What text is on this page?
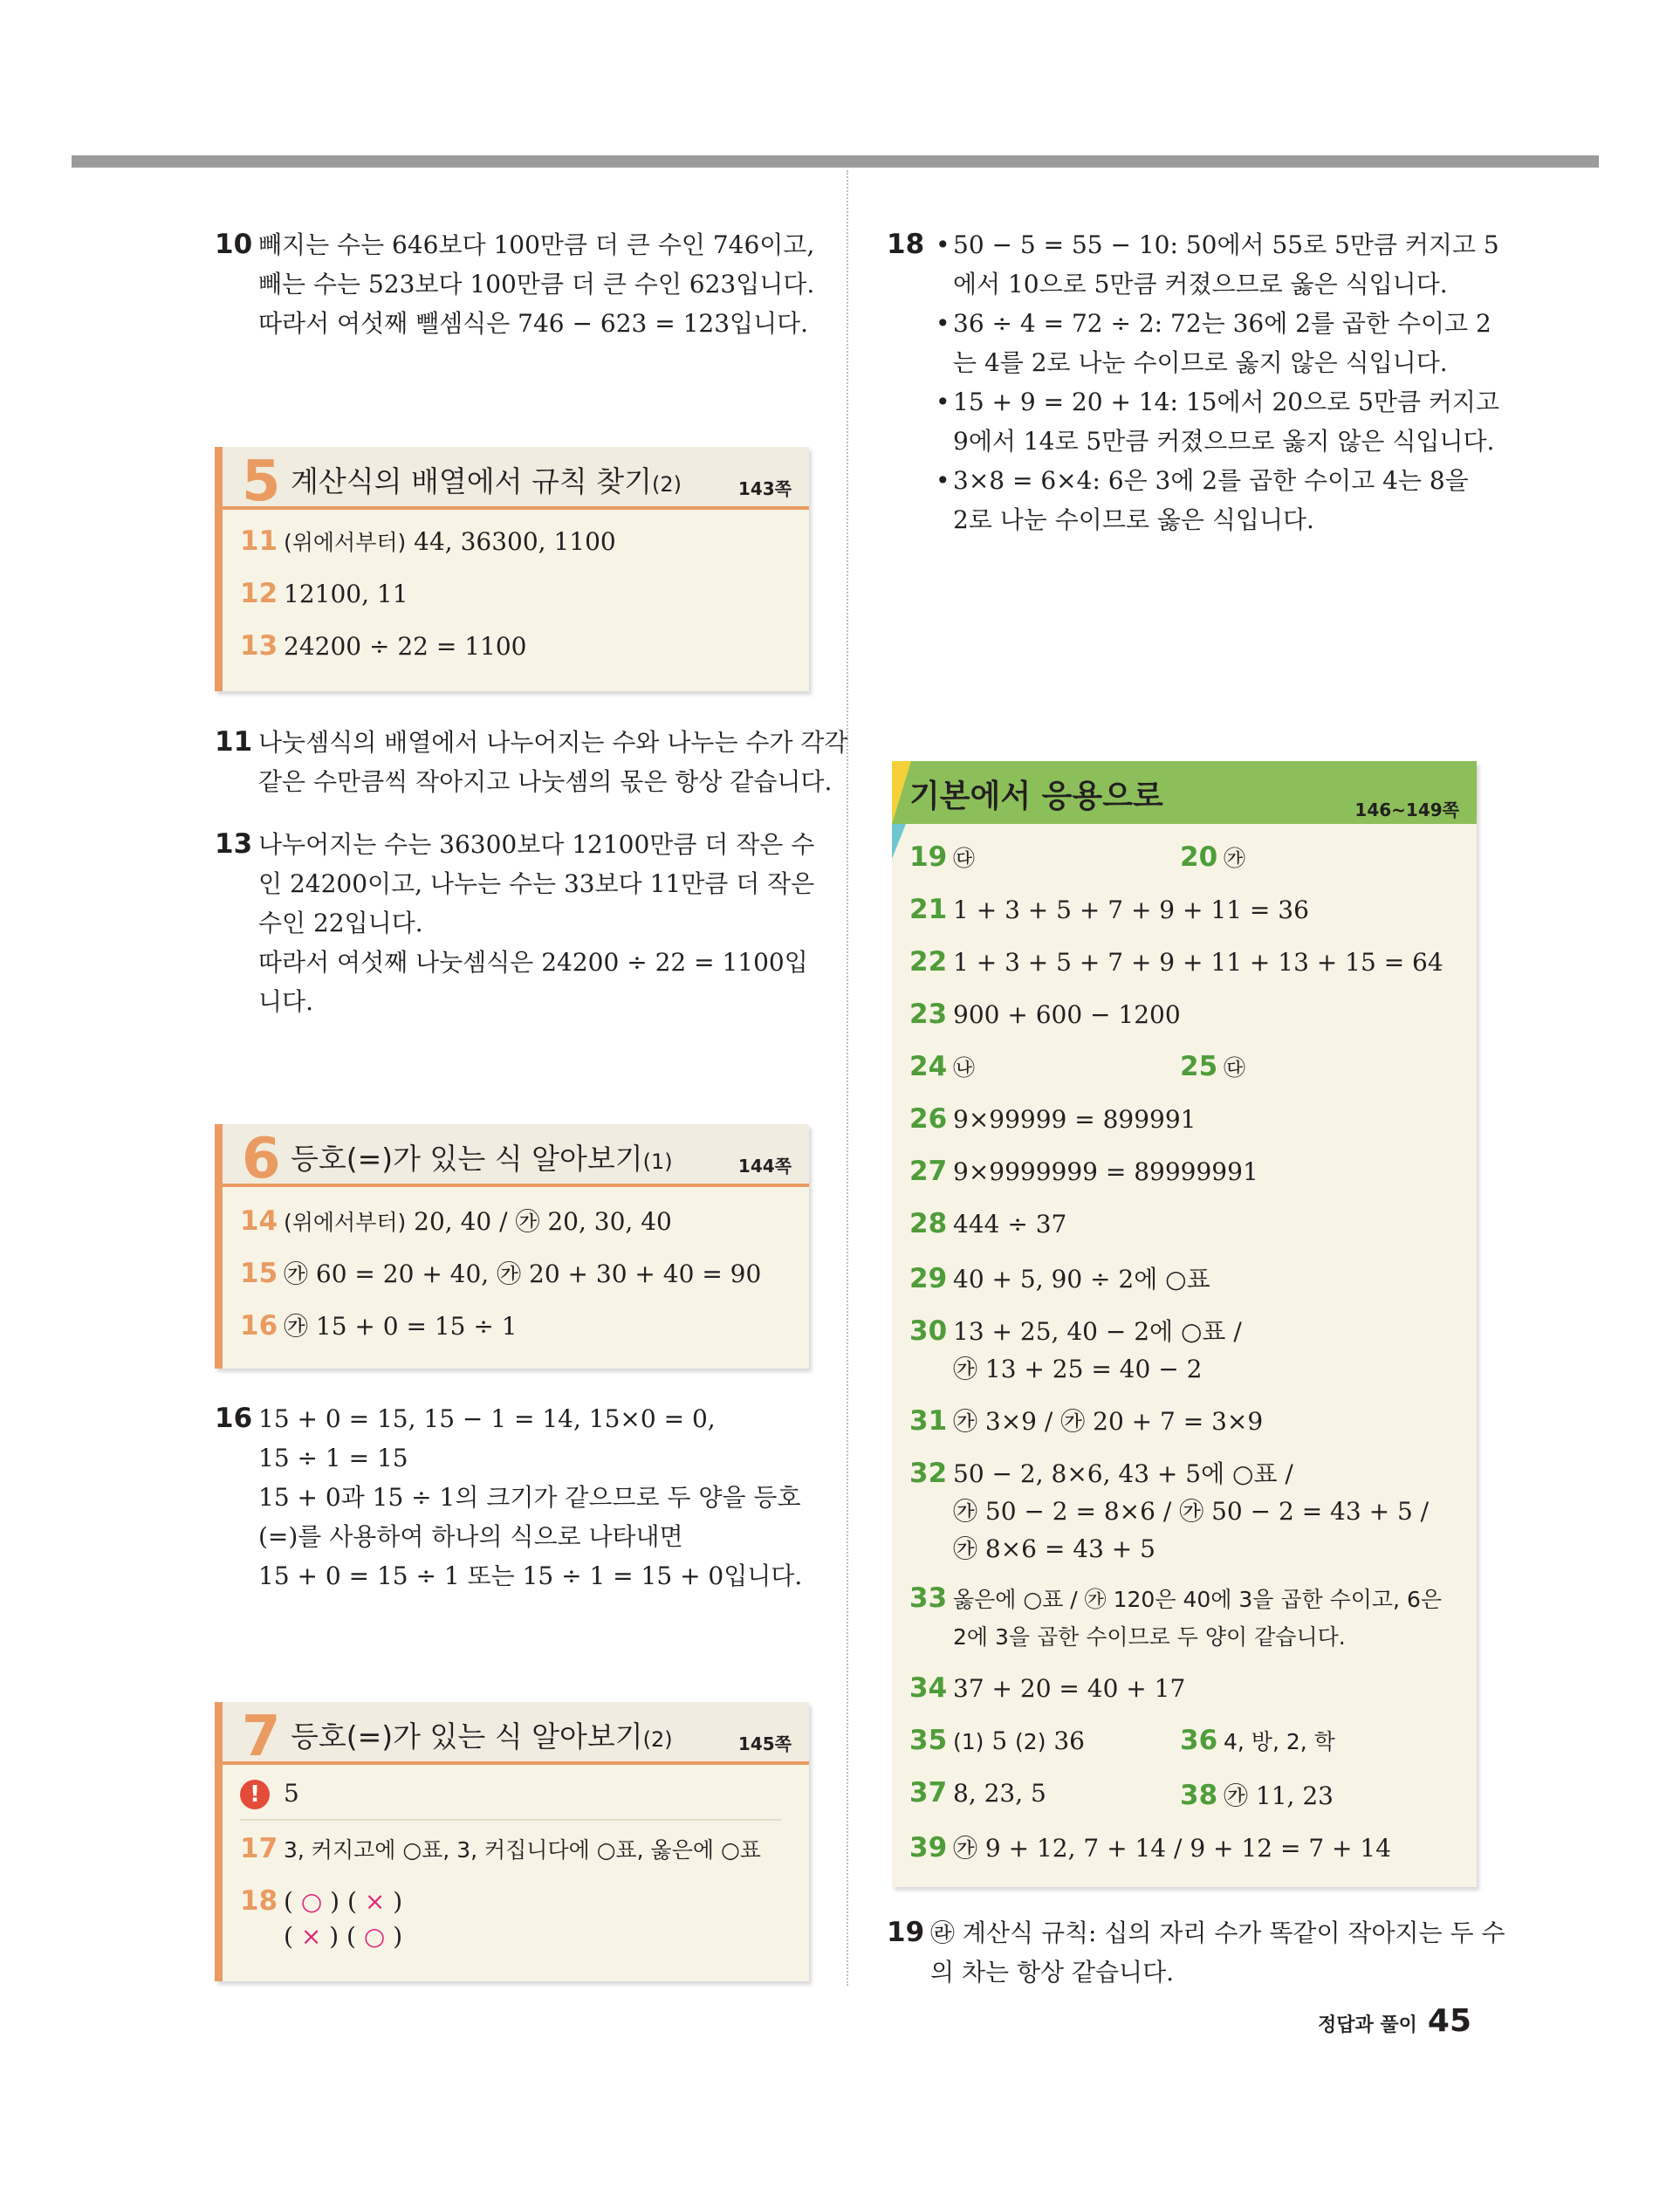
10 빼지는 수는 646보다 100만큼 더 큰 수인 746이고,
빼는 수는 523보다 100만큼 더 큰 수인 623입니다.
따라서 여섯째 뺄셈식은 746 − 623 = 123입니다.
5 계산식의 배열에서 규칙 찾기(2)	143쪽
11 (위에서부터) 44, 36300, 1100
12 12100, 11
13 24200 ÷ 22 = 1100
11 나눗셈식의 배열에서 나누어지는 수와 나누는 수가 각각
같은 수만큼씩 작아지고 나눗셈의 몫은 항상 같습니다.
13 나누어지는 수는 36300보다 12100만큼 더 작은 수
인 24200이고, 나누는 수는 33보다 11만큼 더 작은
수인 22입니다.
따라서 여섯째 나눗셈식은 24200 ÷ 22 = 1100입
니다.
6 등호(=)가 있는 식 알아보기(1)	144쪽
14 (위에서부터) 20, 40 / ㉮ 20, 30, 40
15 ㉮ 60 = 20 + 40, ㉮ 20 + 30 + 40 = 90
16 ㉮ 15 + 0 = 15 ÷ 1
16 15 + 0 = 15, 15 − 1 = 14, 15×0 = 0,
15 ÷ 1 = 15
15 + 0과 15 ÷ 1의 크기가 같으므로 두 양을 등호
(=)를 사용하여 하나의 식으로 나타내면
15 + 0 = 15 ÷ 1 또는 15 ÷ 1 = 15 + 0입니다.
7 등호(=)가 있는 식 알아보기(2)	145쪽
! 5
17 3, 커지고에 ○표, 3, 커집니다에 ○표, 옳은에 ○표
18 ( ○ ) ( × )
( × ) ( ○ )
18
•	50 − 5 = 55 − 10: 50에서 55로 5만큼 커지고 5
에서 10으로 5만큼 커졌으므로 옳은 식입니다.
• 36 ÷ 4 = 72 ÷ 2: 72는 36에 2를 곱한 수이고 2
는 4를 2로 나눈 수이므로 옳지 않은 식입니다.
• 15 + 9 = 20 + 14: 15에서 20으로 5만큼 커지고
9에서 14로 5만큼 커졌으므로 옳지 않은 식입니다.
• 3×8 = 6×4: 6은 3에 2를 곱한 수이고 4는 8을
2로 나눈 수이므로 옳은 식입니다.
기본에서 응용으로	146~149쪽
19 ㉰	20 ㉮
21 1 + 3 + 5 + 7 + 9 + 11 = 36
22 1 + 3 + 5 + 7 + 9 + 11 + 13 + 15 = 64
23 900 + 600 − 1200
24 ㉯	25 ㉰
26 9×99999 = 899991
27 9×9999999 = 89999991
28 444 ÷ 37
29 40 + 5, 90 ÷ 2에 ○표
30 13 + 25, 40 − 2에 ○표 /
㉮ 13 + 25 = 40 − 2
31 ㉮ 3×9 / ㉮ 20 + 7 = 3×9
32 50 − 2, 8×6, 43 + 5에 ○표 /
㉮ 50 − 2 = 8×6 / ㉮ 50 − 2 = 43 + 5 /
㉮ 8×6 = 43 + 5
33 옳은에 ○표 / ㉮ 120은 40에 3을 곱한 수이고, 6은
2에 3을 곱한 수이므로 두 양이 같습니다.
34 37 + 20 = 40 + 17
35 (1) 5 (2) 36	36 4, 방, 2, 학
37 8, 23, 5	38 ㉮ 11, 23
39 ㉮ 9 + 12, 7 + 14 / 9 + 12 = 7 + 14
19 ㉱ 계산식 규칙: 십의 자리 수가 똑같이 작아지는 두 수
의 차는 항상 같습니다.
정답과 풀이 45
